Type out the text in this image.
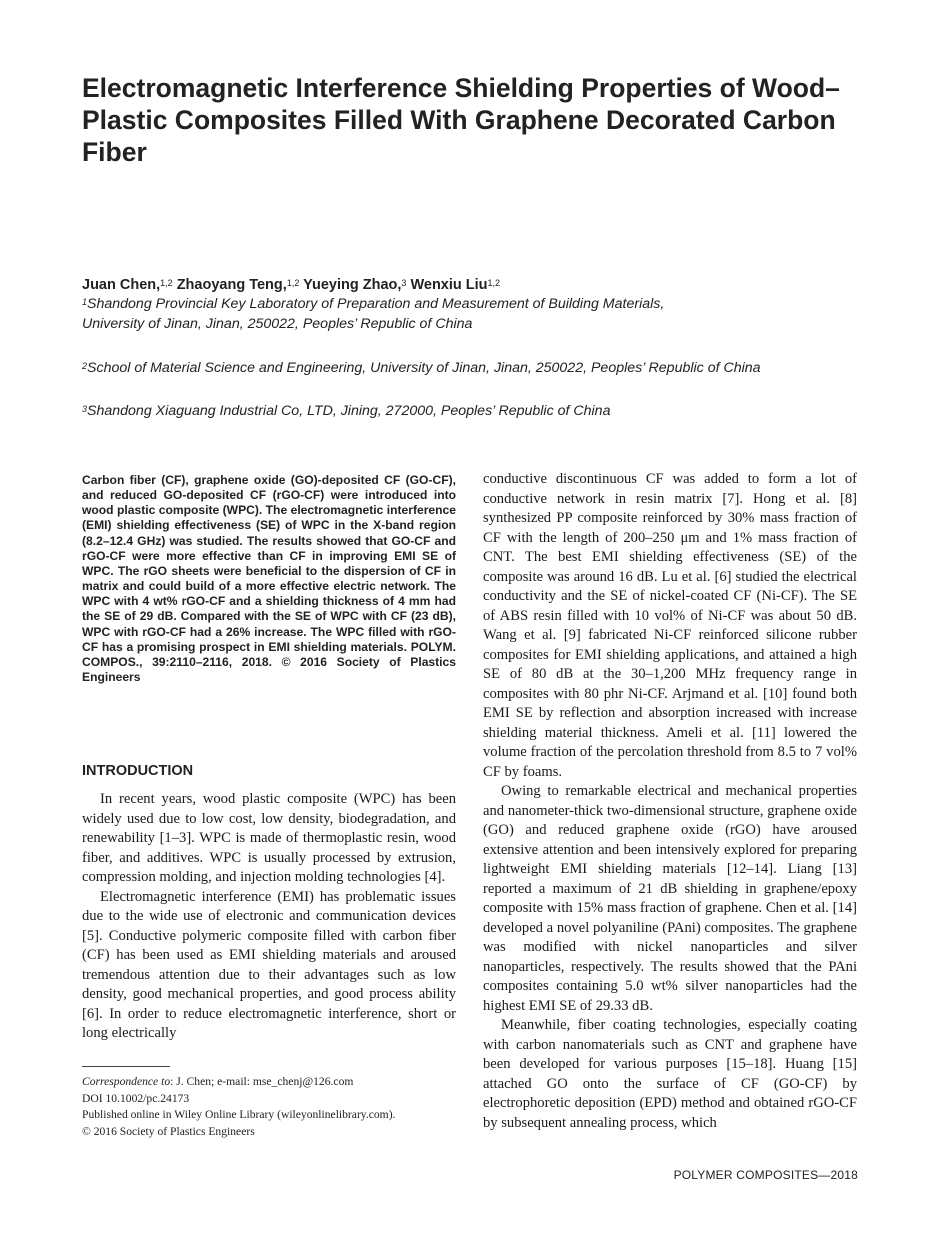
Electromagnetic Interference Shielding Properties of Wood–Plastic Composites Filled With Graphene Decorated Carbon Fiber
Juan Chen,$^{1,2}$ Zhaoyang Teng,$^{1,2}$ Yueying Zhao,$^3$ Wenxiu Liu$^{1,2}$
$^1$Shandong Provincial Key Laboratory of Preparation and Measurement of Building Materials,
University of Jinan, Jinan, 250022, Peoples’ Republic of China
$^2$School of Material Science and Engineering, University of Jinan, Jinan, 250022, Peoples’ Republic of China
$^3$Shandong Xiaguang Industrial Co, LTD, Jining, 272000, Peoples’ Republic of China

Carbon fiber (CF), graphene oxide (GO)-deposited CF (GO-CF), and reduced GO-deposited CF (rGO-CF) were introduced into wood plastic composite (WPC). The electromagnetic interference (EMI) shielding effectiveness (SE) of WPC in the X-band region (8.2–12.4 GHz) was studied. The results showed that GO-CF and rGO-CF were more effective than CF in improving EMI SE of WPC. The rGO sheets were beneficial to the dispersion of CF in matrix and could build of a more effective electric network. The WPC with 4 wt% rGO-CF and a shielding thickness of 4 mm had the SE of 29 dB. Compared with the SE of WPC with CF (23 dB), WPC with rGO-CF had a 26% increase. The WPC filled with rGO-CF has a promising prospect in EMI shielding materials. POLYM. COMPOS., 39:2110–2116, 2018. © 2016 Society of Plastics Engineers

INTRODUCTION

In recent years, wood plastic composite (WPC) has been widely used due to low cost, low density, biodegradation, and renewability [1–3]. WPC is made of thermoplastic resin, wood fiber, and additives. WPC is usually processed by extrusion, compression molding, and injection molding technologies [4].

Electromagnetic interference (EMI) has problematic issues due to the wide use of electronic and communication devices [5]. Conductive polymeric composite filled with carbon fiber (CF) has been used as EMI shielding materials and aroused tremendous attention due to their advantages such as low density, good mechanical properties, and good process ability [6]. In order to reduce electromagnetic interference, short or long electrically

conductive discontinuous CF was added to form a lot of conductive network in resin matrix [7]. Hong et al. [8] synthesized PP composite reinforced by 30% mass fraction of CF with the length of 200–250 μm and 1% mass fraction of CNT. The best EMI shielding effectiveness (SE) of the composite was around 16 dB. Lu et al. [6] studied the electrical conductivity and the SE of nickel-coated CF (Ni-CF). The SE of ABS resin filled with 10 vol% of Ni-CF was about 50 dB. Wang et al. [9] fabricated Ni-CF reinforced silicone rubber composites for EMI shielding applications, and attained a high SE of 80 dB at the 30–1,200 MHz frequency range in composites with 80 phr Ni-CF. Arjmand et al. [10] found both EMI SE by reflection and absorption increased with increase shielding material thickness. Ameli et al. [11] lowered the volume fraction of the percolation threshold from 8.5 to 7 vol% CF by foams.

Owing to remarkable electrical and mechanical properties and nanometer-thick two-dimensional structure, graphene oxide (GO) and reduced graphene oxide (rGO) have aroused extensive attention and been intensively explored for preparing lightweight EMI shielding materials [12–14]. Liang [13] reported a maximum of 21 dB shielding in graphene/epoxy composite with 15% mass fraction of graphene. Chen et al. [14] developed a novel polyaniline (PAni) composites. The graphene was modified with nickel nanoparticles and silver nanoparticles, respectively. The results showed that the PAni composites containing 5.0 wt% silver nanoparticles had the highest EMI SE of 29.33 dB.

Meanwhile, fiber coating technologies, especially coating with carbon nanomaterials such as CNT and graphene have been developed for various purposes [15–18]. Huang [15] attached GO onto the surface of CF (GO-CF) by electrophoretic deposition (EPD) method and obtained rGO-CF by subsequent annealing process, which

Correspondence to: J. Chen; e-mail: mse_chenj@126.com
DOI 10.1002/pc.24173
Published online in Wiley Online Library (wileyonlinelibrary.com).
© 2016 Society of Plastics Engineers
POLYMER COMPOSITES—2018
